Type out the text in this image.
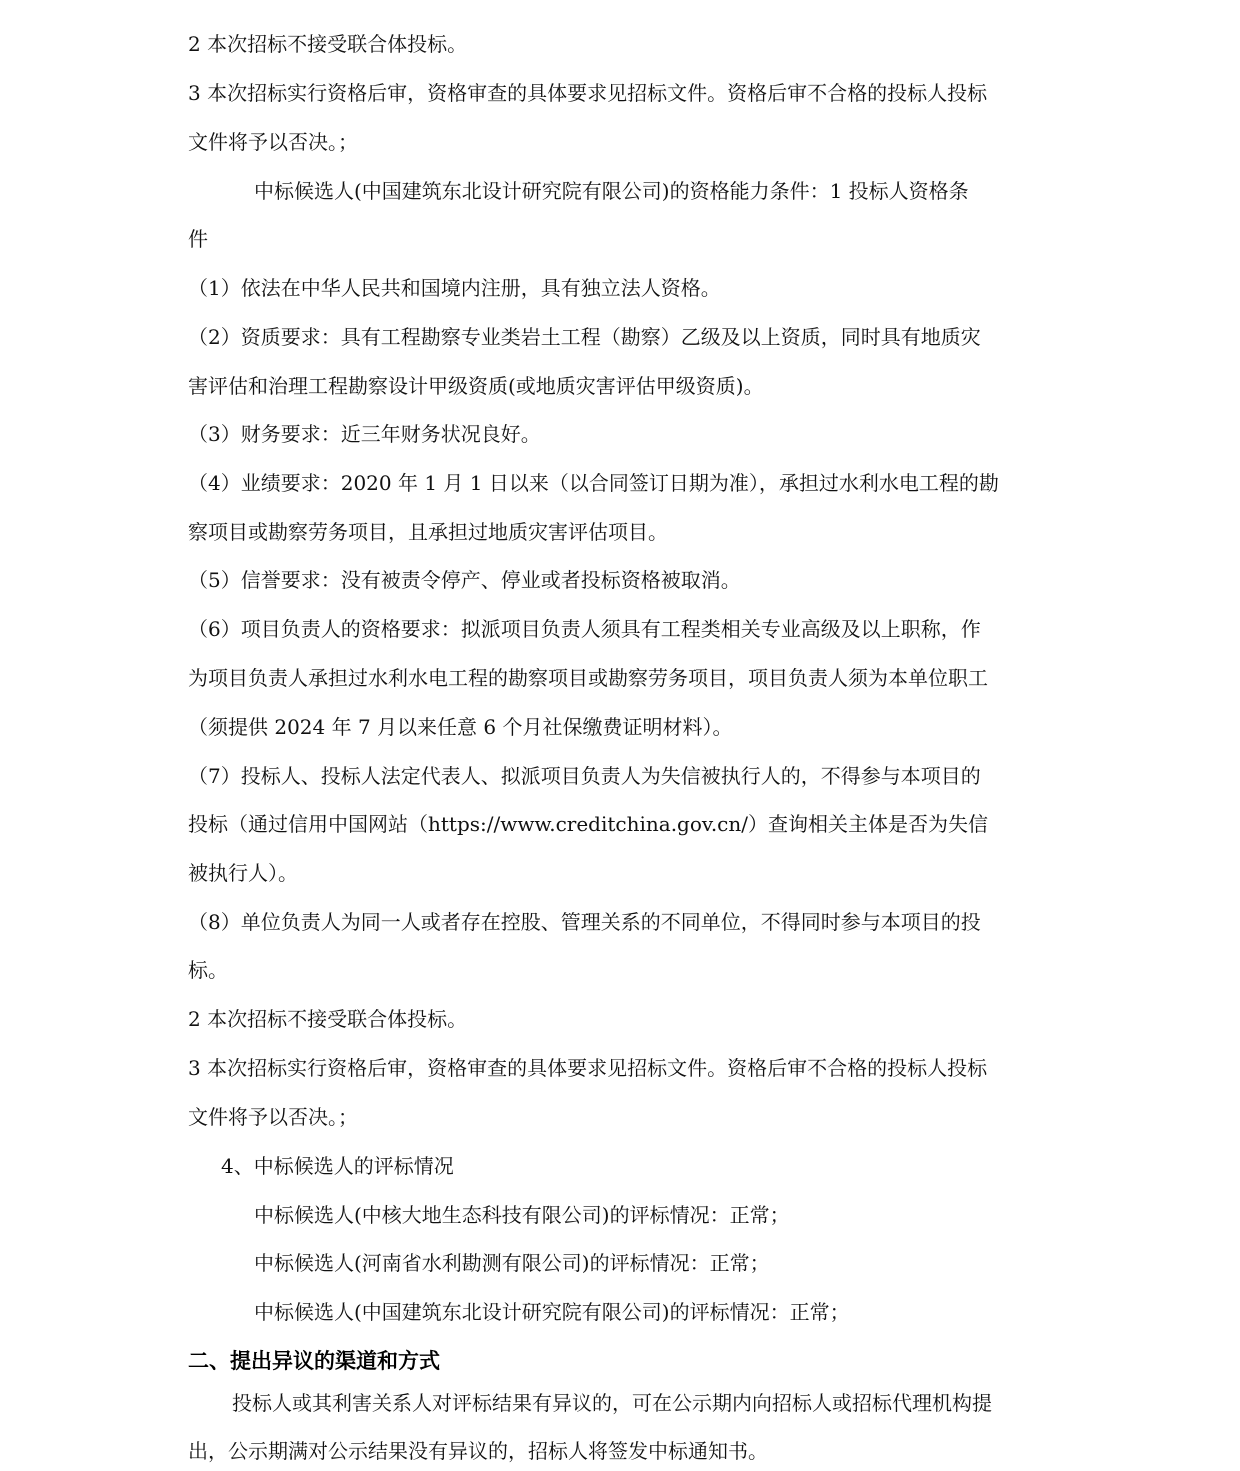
2 本次招标不接受联合体投标。
3 本次招标实行资格后审，资格审查的具体要求见招标文件。资格后审不合格的投标人投标
文件将予以否决。；
中标候选人(中国建筑东北设计研究院有限公司)的资格能力条件：1 投标人资格条
件
（1）依法在中华人民共和国境内注册，具有独立法人资格。
（2）资质要求：具有工程勘察专业类岩土工程（勘察）乙级及以上资质，同时具有地质灾
害评估和治理工程勘察设计甲级资质(或地质灾害评估甲级资质)。
（3）财务要求：近三年财务状况良好。
（4）业绩要求：2020 年 1 月 1 日以来（以合同签订日期为准），承担过水利水电工程的勘
察项目或勘察劳务项目，且承担过地质灾害评估项目。
（5）信誉要求：没有被责令停产、停业或者投标资格被取消。
（6）项目负责人的资格要求：拟派项目负责人须具有工程类相关专业高级及以上职称，作
为项目负责人承担过水利水电工程的勘察项目或勘察劳务项目，项目负责人须为本单位职工
（须提供 2024 年 7 月以来任意 6 个月社保缴费证明材料）。
（7）投标人、投标人法定代表人、拟派项目负责人为失信被执行人的，不得参与本项目的
投标（通过信用中国网站（https://www.creditchina.gov.cn/）查询相关主体是否为失信
被执行人）。
（8）单位负责人为同一人或者存在控股、管理关系的不同单位，不得同时参与本项目的投
标。
2 本次招标不接受联合体投标。
3 本次招标实行资格后审，资格审查的具体要求见招标文件。资格后审不合格的投标人投标
文件将予以否决。；
4、中标候选人的评标情况
中标候选人(中核大地生态科技有限公司)的评标情况：正常；
中标候选人(河南省水利勘测有限公司)的评标情况：正常；
中标候选人(中国建筑东北设计研究院有限公司)的评标情况：正常；
二、提出异议的渠道和方式
投标人或其利害关系人对评标结果有异议的，可在公示期内向招标人或招标代理机构提
出，公示期满对公示结果没有异议的，招标人将签发中标通知书。
